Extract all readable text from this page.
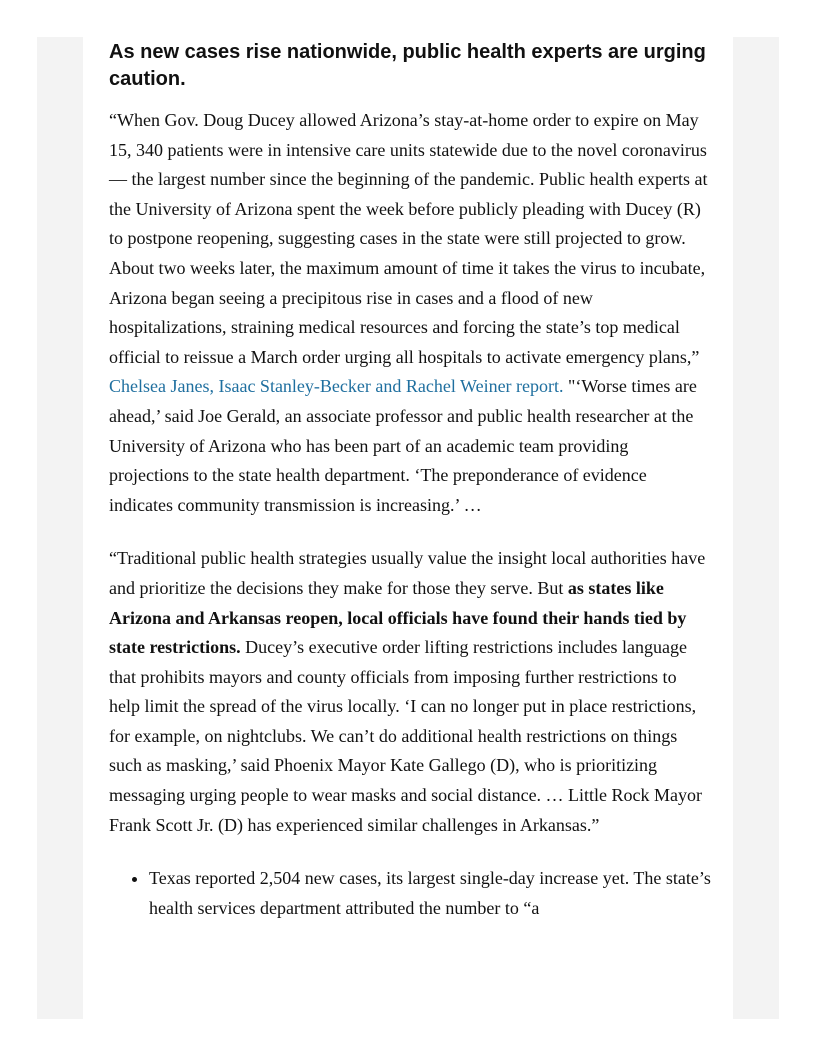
As new cases rise nationwide, public health experts are urging caution.

“When Gov. Doug Ducey allowed Arizona’s stay-at-home order to expire on May 15, 340 patients were in intensive care units statewide due to the novel coronavirus — the largest number since the beginning of the pandemic. Public health experts at the University of Arizona spent the week before publicly pleading with Ducey (R) to postpone reopening, suggesting cases in the state were still projected to grow. About two weeks later, the maximum amount of time it takes the virus to incubate, Arizona began seeing a precipitous rise in cases and a flood of new hospitalizations, straining medical resources and forcing the state’s top medical official to reissue a March order urging all hospitals to activate emergency plans,” Chelsea Janes, Isaac Stanley-Becker and Rachel Weiner report. "‘Worse times are ahead,’ said Joe Gerald, an associate professor and public health researcher at the University of Arizona who has been part of an academic team providing projections to the state health department. ‘The preponderance of evidence indicates community transmission is increasing.’ …

“Traditional public health strategies usually value the insight local authorities have and prioritize the decisions they make for those they serve. But as states like Arizona and Arkansas reopen, local officials have found their hands tied by state restrictions. Ducey’s executive order lifting restrictions includes language that prohibits mayors and county officials from imposing further restrictions to help limit the spread of the virus locally. ‘I can no longer put in place restrictions, for example, on nightclubs. We can’t do additional health restrictions on things such as masking,’ said Phoenix Mayor Kate Gallego (D), who is prioritizing messaging urging people to wear masks and social distance. … Little Rock Mayor Frank Scott Jr. (D) has experienced similar challenges in Arkansas.”

• Texas reported 2,504 new cases, its largest single-day increase yet. The state’s health services department attributed the number to “a
